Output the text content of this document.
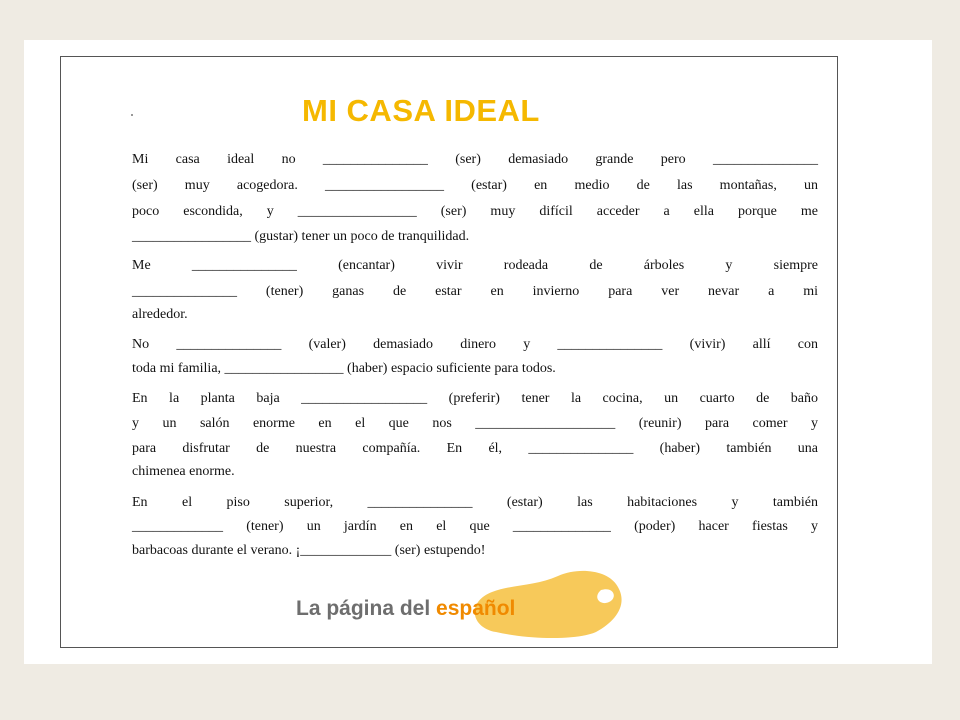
MI CASA IDEAL

Mi casa ideal no _______________ (ser) demasiado grande pero _______________

(ser) muy acogedora. _________________ (estar) en medio de las montañas, un

poco escondida, y _________________ (ser) muy difícil acceder a ella porque me

_________________ (gustar) tener un poco de tranquilidad.

Me _______________ (encantar) vivir rodeada de árboles y siempre

_______________ (tener) ganas de estar en invierno para ver nevar a mi

alrededor.

No _______________ (valer) demasiado dinero y _______________ (vivir) allí con

toda mi familia, _________________ (haber) espacio suficiente para todos.

En la planta baja __________________ (preferir) tener la cocina, un cuarto de baño

y un salón enorme en el que nos ____________________ (reunir) para comer y

para disfrutar de nuestra compañía. En él, _______________ (haber) también una

chimenea enorme.

En el piso superior, _______________ (estar) las habitaciones y también

_____________ (tener) un jardín en el que ______________ (poder) hacer fiestas y

barbacoas durante el verano. ¡_____________ (ser) estupendo!

La página del español
